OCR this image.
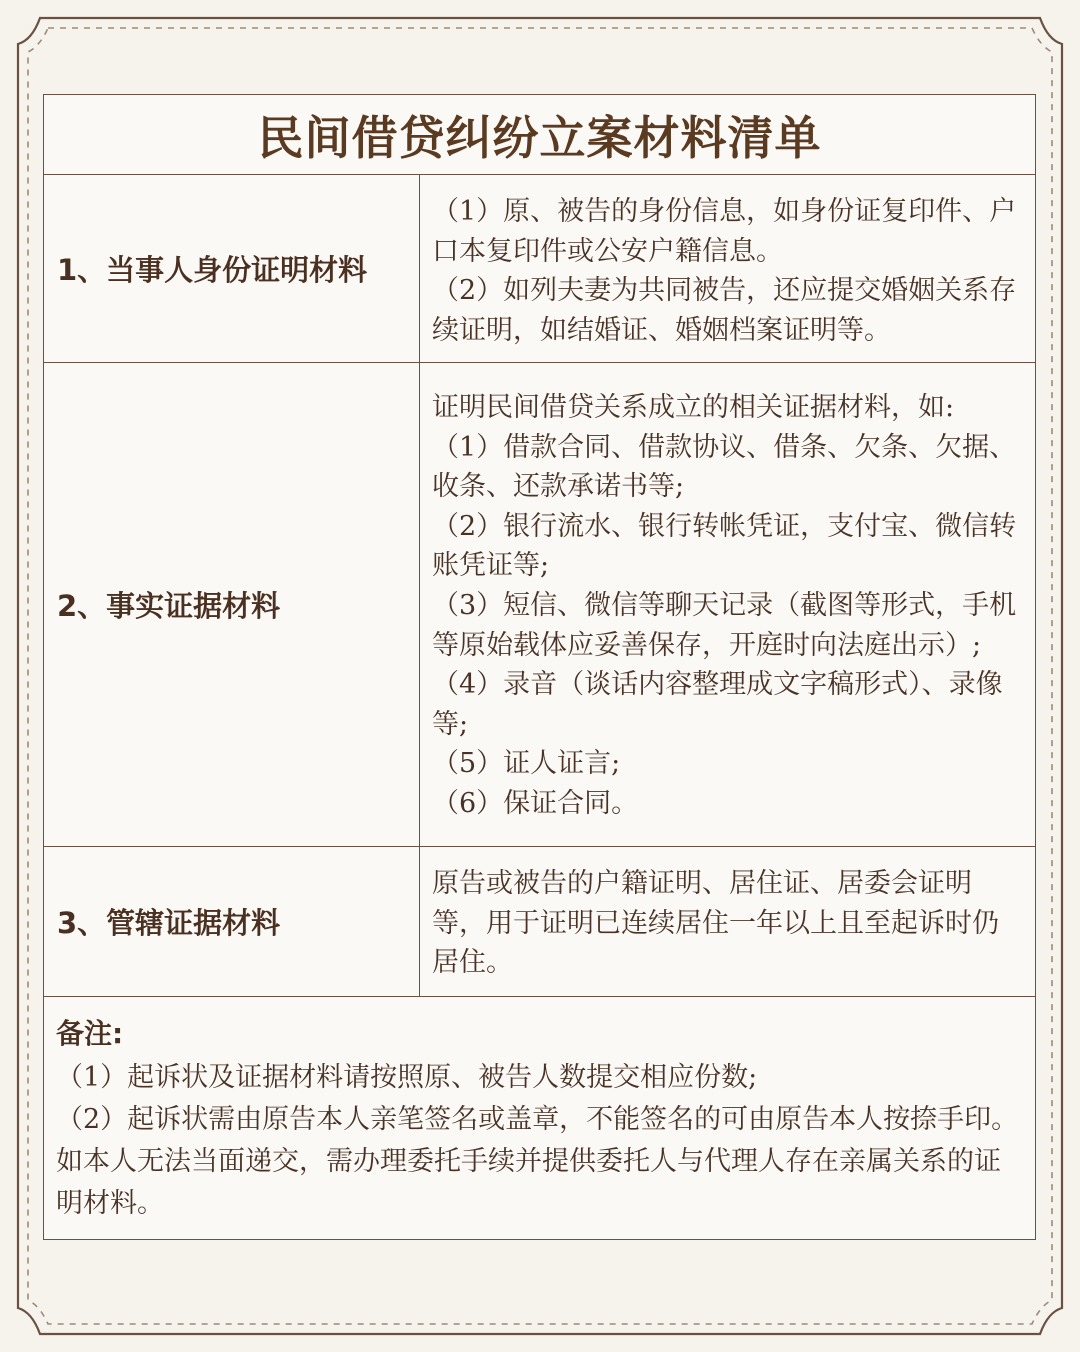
民间借贷纠纷立案材料清单
1、当事人身份证明材料

（1）原、被告的身份信息，如身份证复印件、户口本复印件或公安户籍信息。

（2）如列夫妻为共同被告，还应提交婚姻关系存续证明，如结婚证、婚姻档案证明等。

2、事实证据材料

证明民间借贷关系成立的相关证据材料，如:

（1）借款合同、借款协议、借条、欠条、欠据、收条、还款承诺书等;

（2）银行流水、银行转帐凭证，支付宝、微信转账凭证等;

（3）短信、微信等聊天记录（截图等形式，手机等原始载体应妥善保存，开庭时向法庭出示）;

（4）录音（谈话内容整理成文字稿形式）、录像等;

（5）证人证言;

（6）保证合同。

3、管辖证据材料

原告或被告的户籍证明、居住证、居委会证明等，用于证明已连续居住一年以上且至起诉时仍居住。

备注:

（1）起诉状及证据材料请按照原、被告人数提交相应份数;

（2）起诉状需由原告本人亲笔签名或盖章，不能签名的可由原告本人按捺手印。如本人无法当面递交，需办理委托手续并提供委托人与代理人存在亲属关系的证明材料。
